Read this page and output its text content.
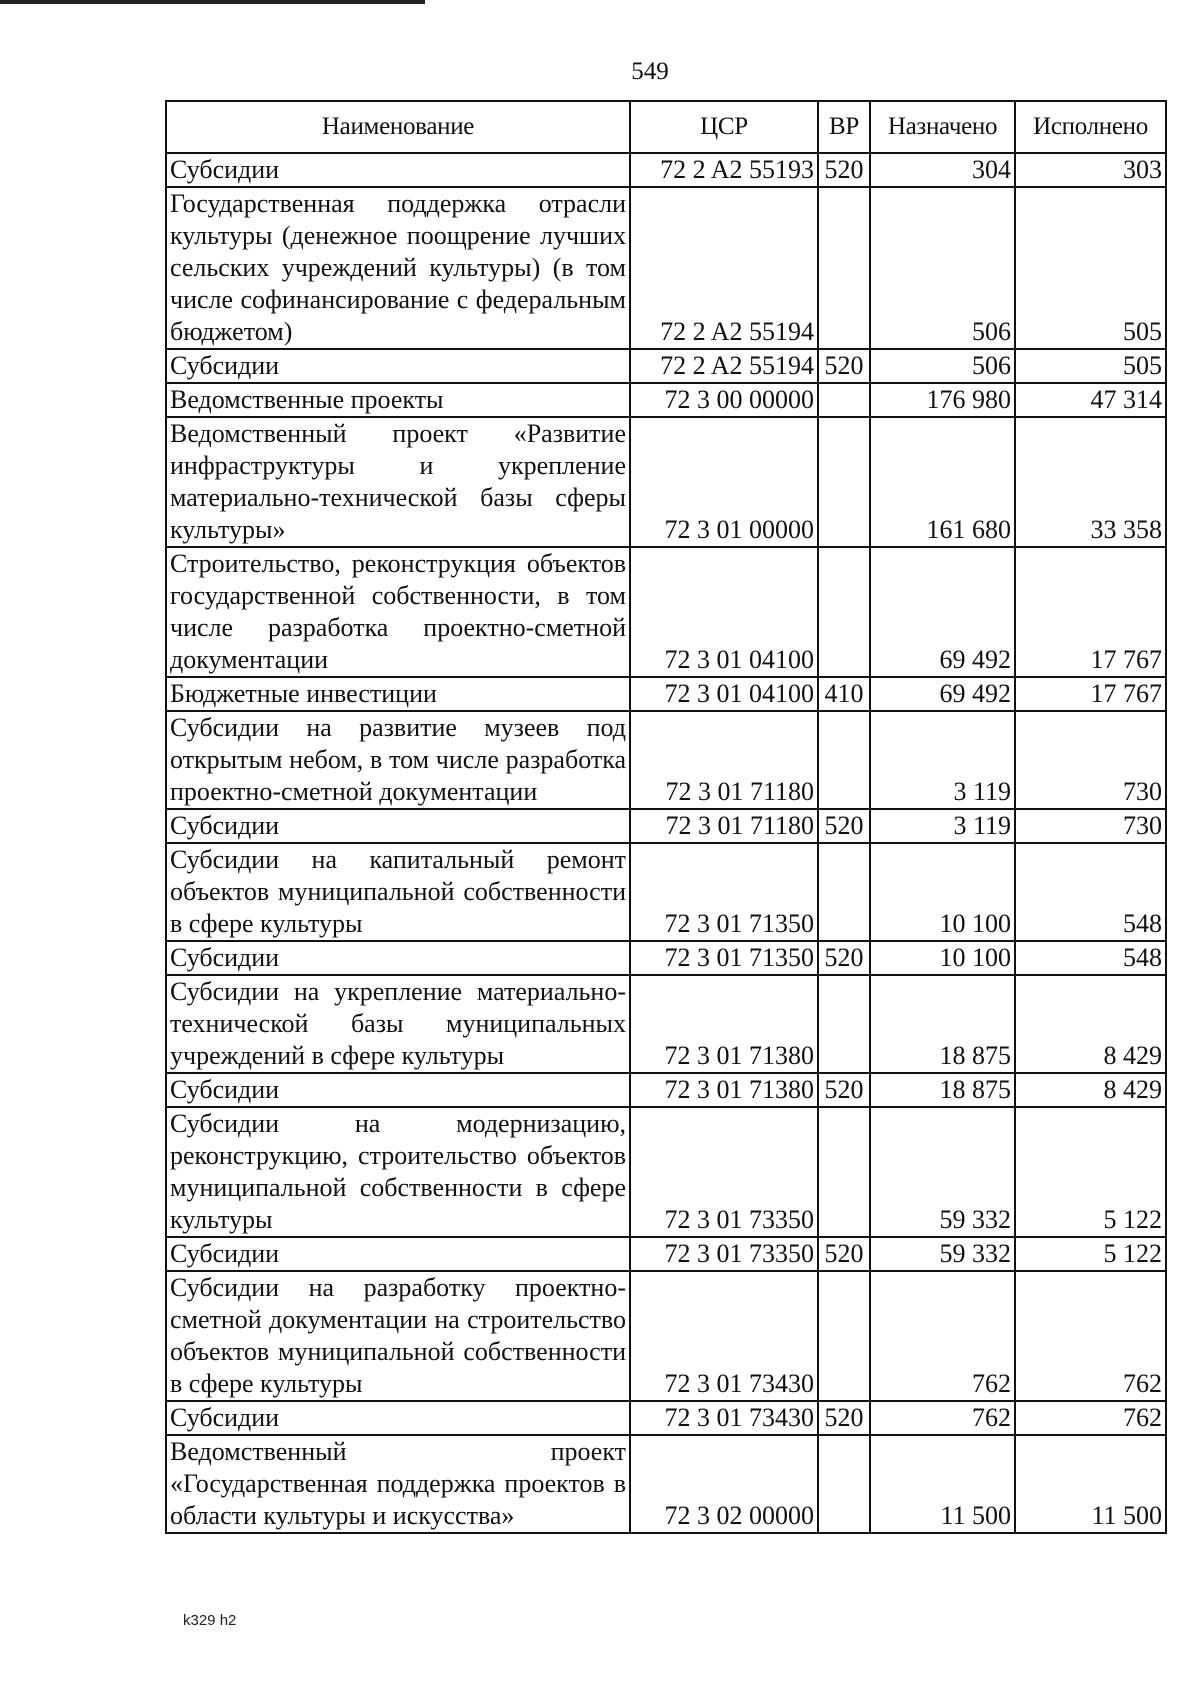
549
Наименование	ЦСР	ВР	Назначено	Исполнено
Субсидии	72 2 A2 55193	520	304	303
Государственная поддержка отрасли культуры (денежное поощрение лучших сельских учреждений культуры) (в том числе софинансирование с федеральным бюджетом)	72 2 A2 55194		506	505
Субсидии	72 2 A2 55194	520	506	505
Ведомственные проекты	72 3 00 00000		176 980	47 314
Ведомственный проект «Развитие инфраструктуры и укрепление материально-технической базы сферы культуры»	72 3 01 00000		161 680	33 358
Строительство, реконструкция объектов государственной собственности, в том числе разработка проектно-сметной документации	72 3 01 04100		69 492	17 767
Бюджетные инвестиции	72 3 01 04100	410	69 492	17 767
Субсидии на развитие музеев под открытым небом, в том числе разработка проектно-сметной документации	72 3 01 71180		3 119	730
Субсидии	72 3 01 71180	520	3 119	730
Субсидии на капитальный ремонт объектов муниципальной собственности в сфере культуры	72 3 01 71350		10 100	548
Субсидии	72 3 01 71350	520	10 100	548
Субсидии на укрепление материально-технической базы муниципальных учреждений в сфере культуры	72 3 01 71380		18 875	8 429
Субсидии	72 3 01 71380	520	18 875	8 429
Субсидии на модернизацию, реконструкцию, строительство объектов муниципальной собственности в сфере культуры	72 3 01 73350		59 332	5 122
Субсидии	72 3 01 73350	520	59 332	5 122
Субсидии на разработку проектно-сметной документации на строительство объектов муниципальной собственности в сфере культуры	72 3 01 73430		762	762
Субсидии	72 3 01 73430	520	762	762
Ведомственный проект «Государственная поддержка проектов в области культуры и искусства»	72 3 02 00000		11 500	11 500
k329 h2
